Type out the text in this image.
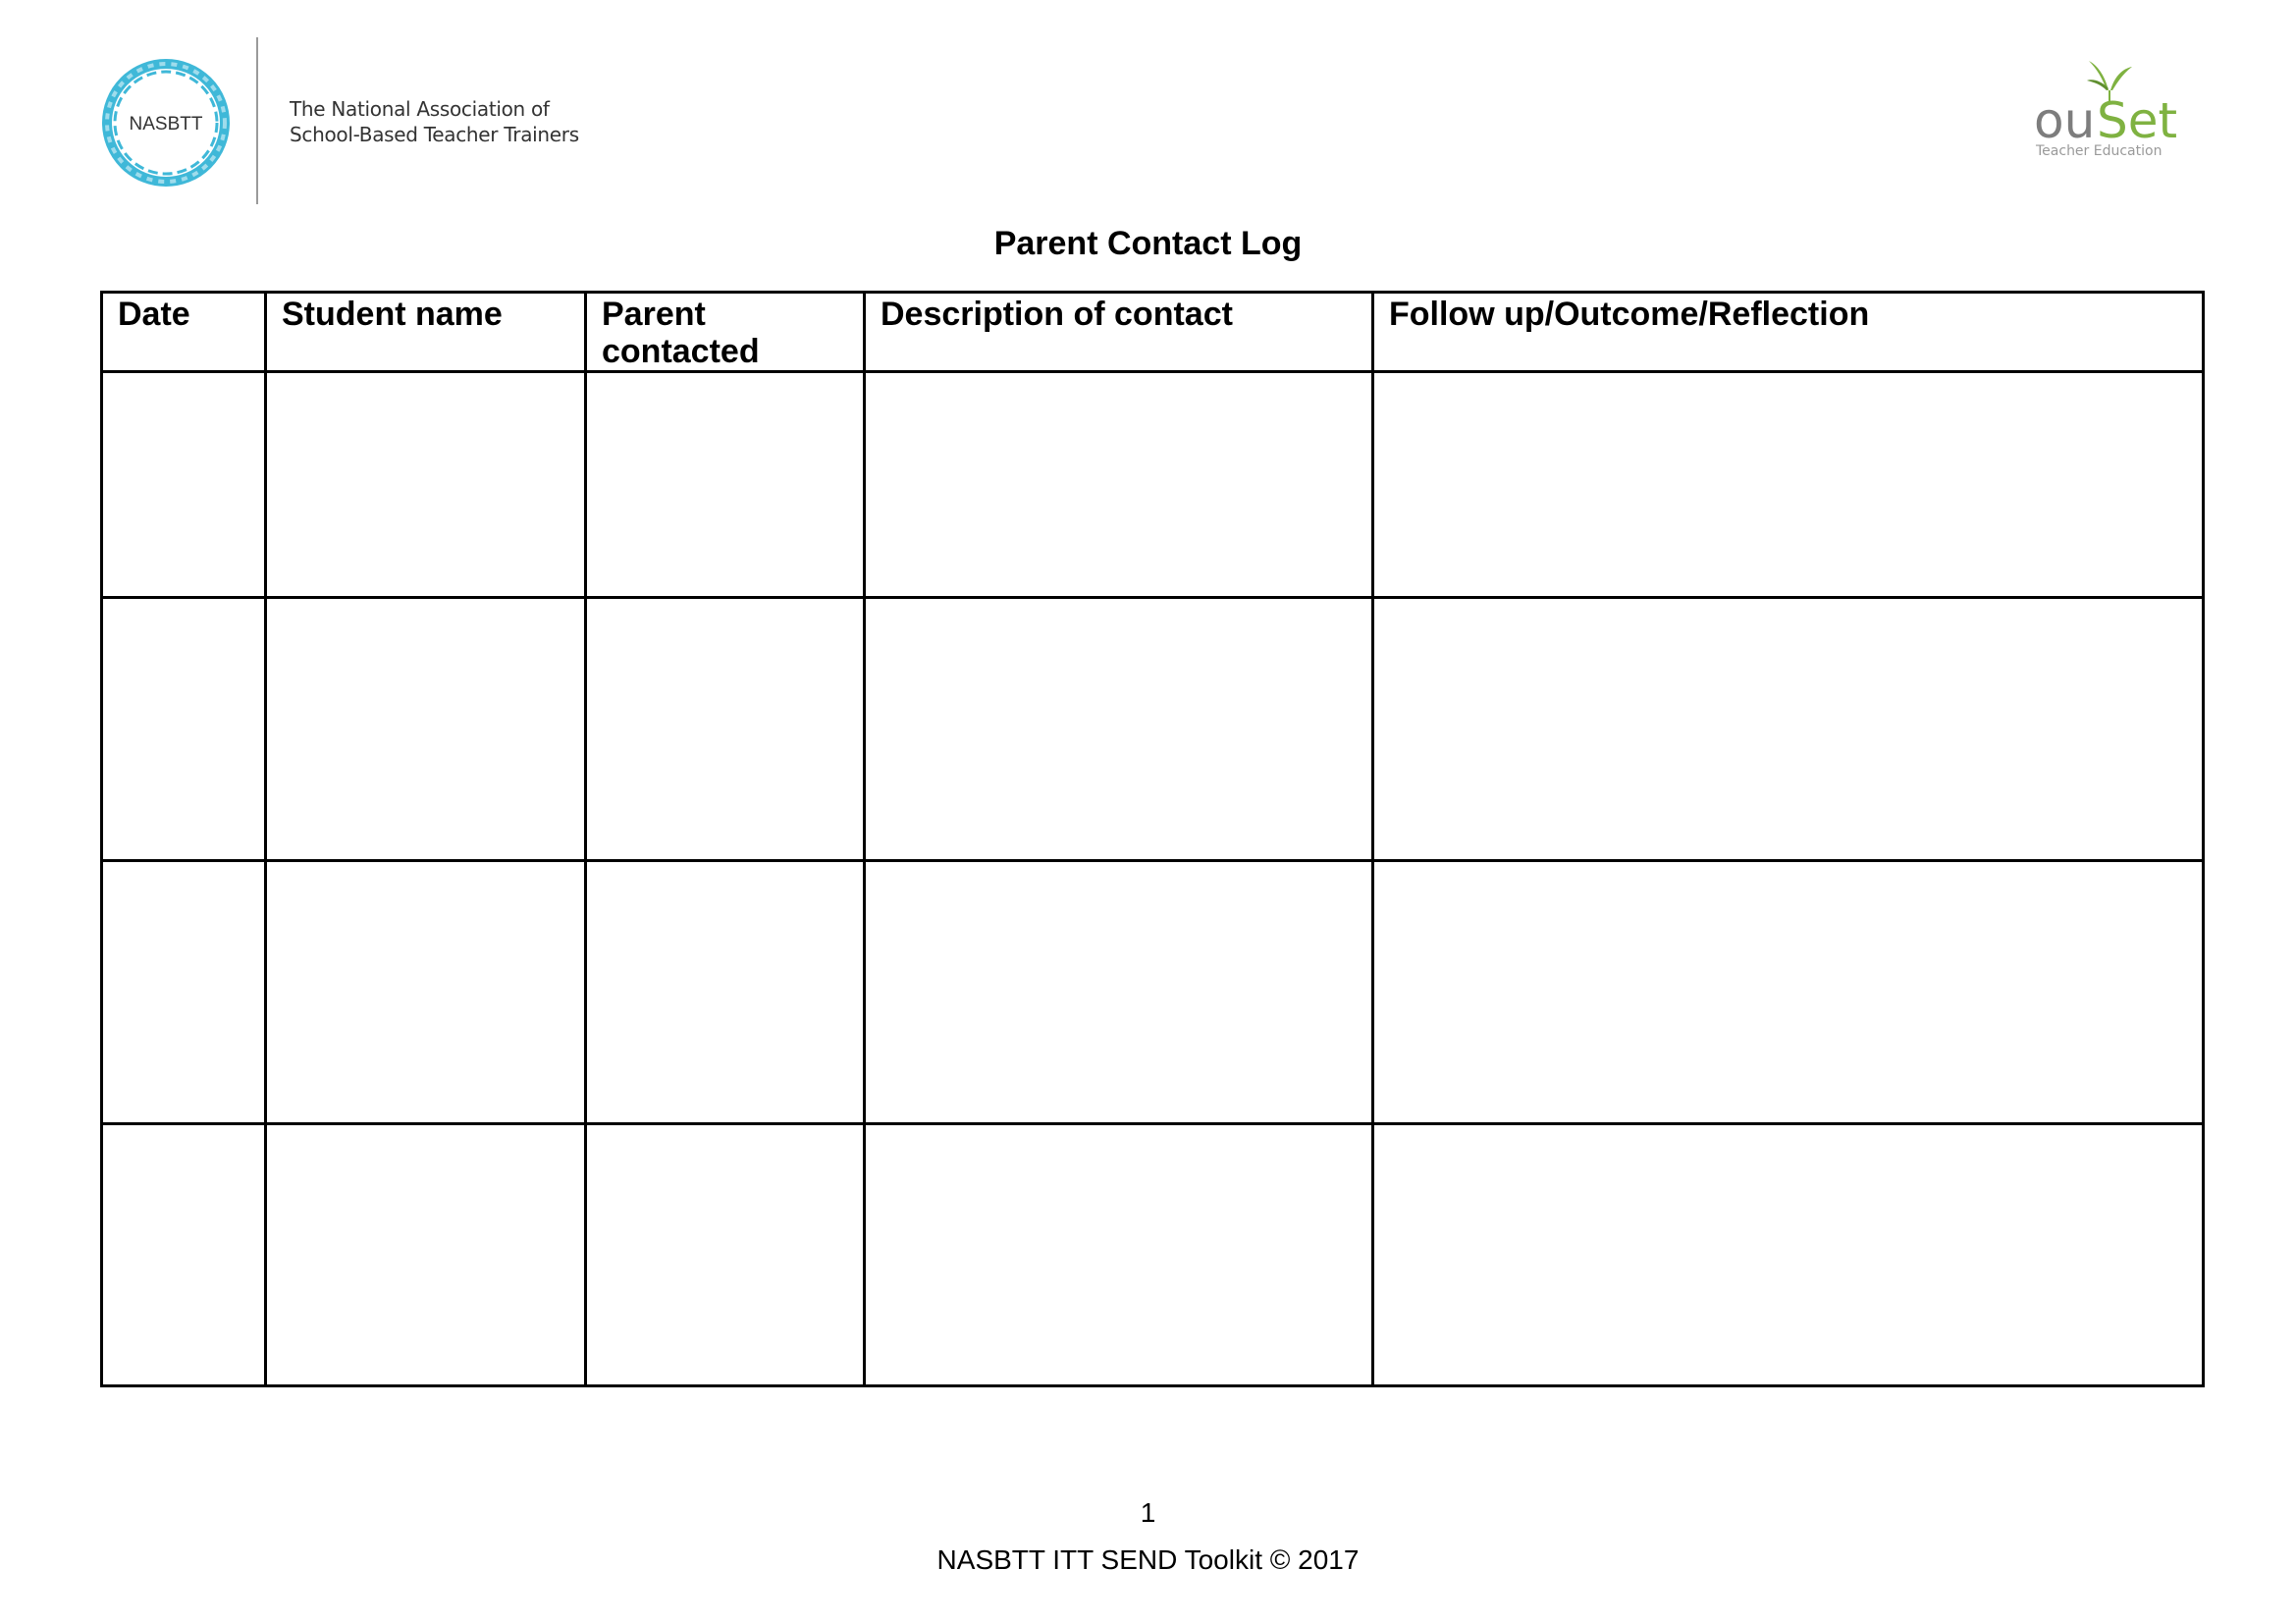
NASBTT
The National Association of
School-Based Teacher Trainers	ou Set
Teacher Education
Parent Contact Log
Date	Student name	Parent contacted	Description of contact	Follow up/Outcome/Reflection

1
NASBTT ITT SEND Toolkit © 2017
